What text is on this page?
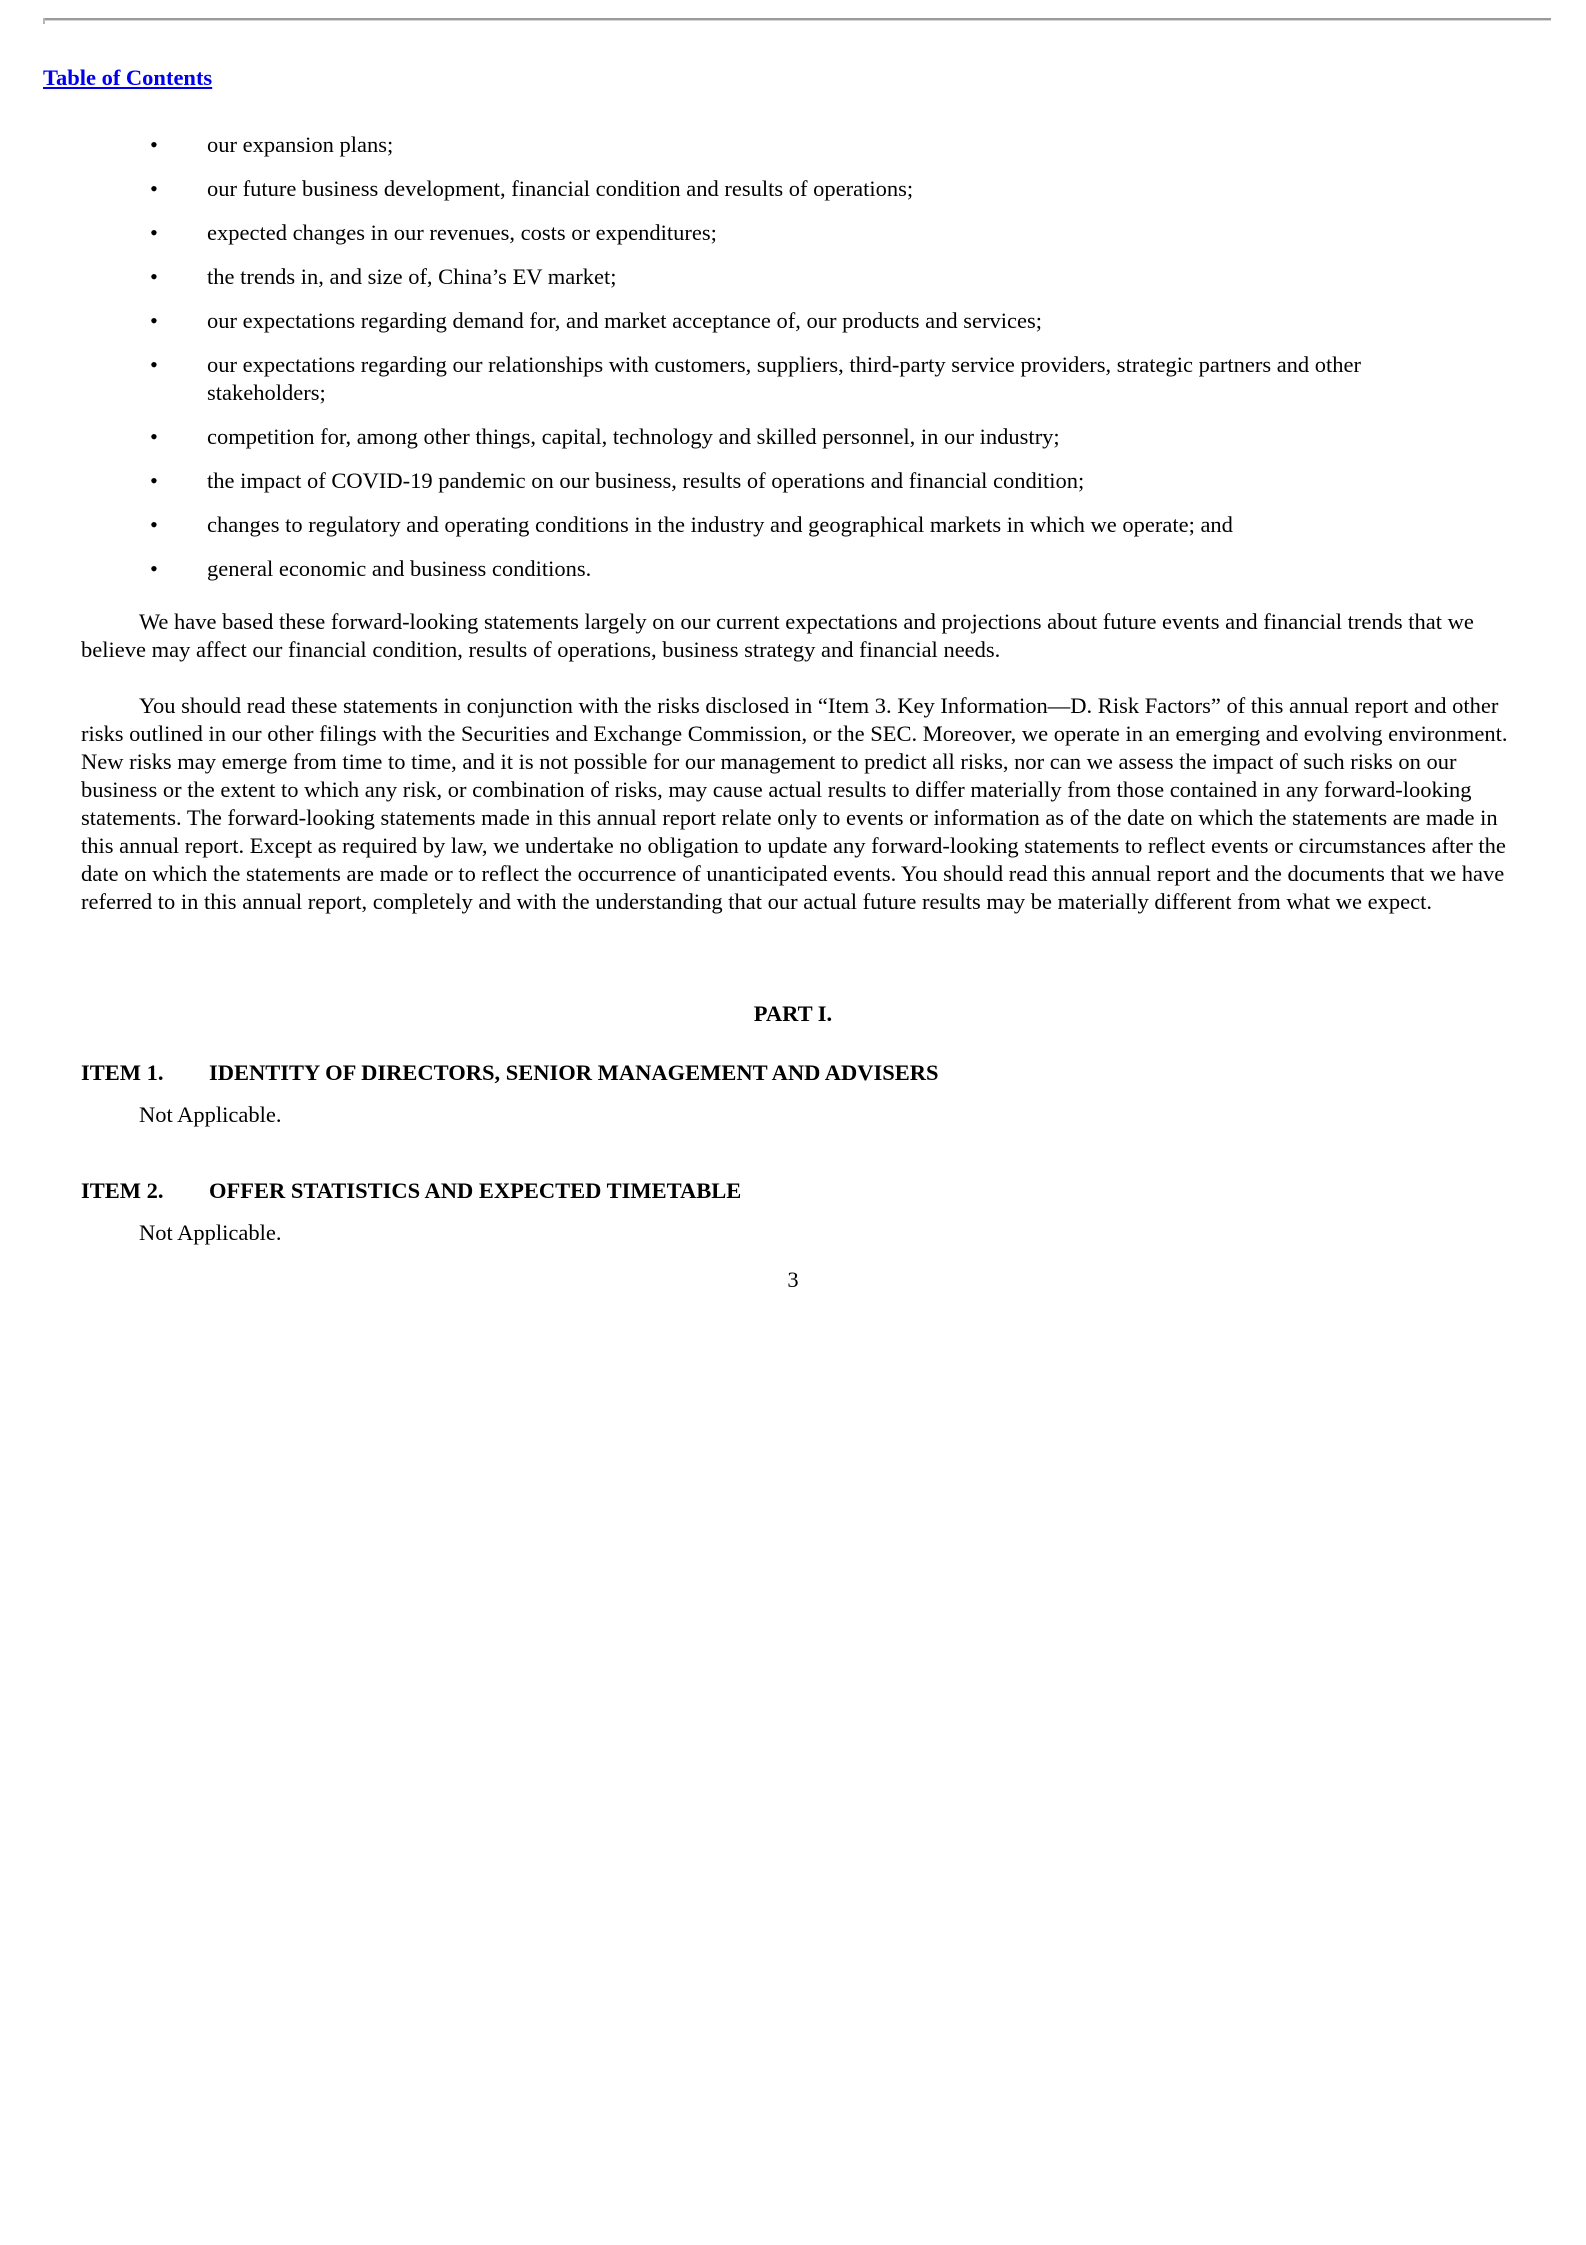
Table of Contents
• our expansion plans;
• our future business development, financial condition and results of operations;
• expected changes in our revenues, costs or expenditures;
• the trends in, and size of, China’s EV market;
• our expectations regarding demand for, and market acceptance of, our products and services;
• our expectations regarding our relationships with customers, suppliers, third-party service providers, strategic partners and other stakeholders;
• competition for, among other things, capital, technology and skilled personnel, in our industry;
• the impact of COVID-19 pandemic on our business, results of operations and financial condition;
• changes to regulatory and operating conditions in the industry and geographical markets in which we operate; and
• general economic and business conditions.

We have based these forward-looking statements largely on our current expectations and projections about future events and financial trends that we believe may affect our financial condition, results of operations, business strategy and financial needs.

You should read these statements in conjunction with the risks disclosed in “Item 3. Key Information—D. Risk Factors” of this annual report and other risks outlined in our other filings with the Securities and Exchange Commission, or the SEC. Moreover, we operate in an emerging and evolving environment. New risks may emerge from time to time, and it is not possible for our management to predict all risks, nor can we assess the impact of such risks on our business or the extent to which any risk, or combination of risks, may cause actual results to differ materially from those contained in any forward-looking statements. The forward-looking statements made in this annual report relate only to events or information as of the date on which the statements are made in this annual report. Except as required by law, we undertake no obligation to update any forward-looking statements to reflect events or circumstances after the date on which the statements are made or to reflect the occurrence of unanticipated events. You should read this annual report and the documents that we have referred to in this annual report, completely and with the understanding that our actual future results may be materially different from what we expect.

PART I.
ITEM 1. IDENTITY OF DIRECTORS, SENIOR MANAGEMENT AND ADVISERS
Not Applicable.
ITEM 2. OFFER STATISTICS AND EXPECTED TIMETABLE
Not Applicable.
3
